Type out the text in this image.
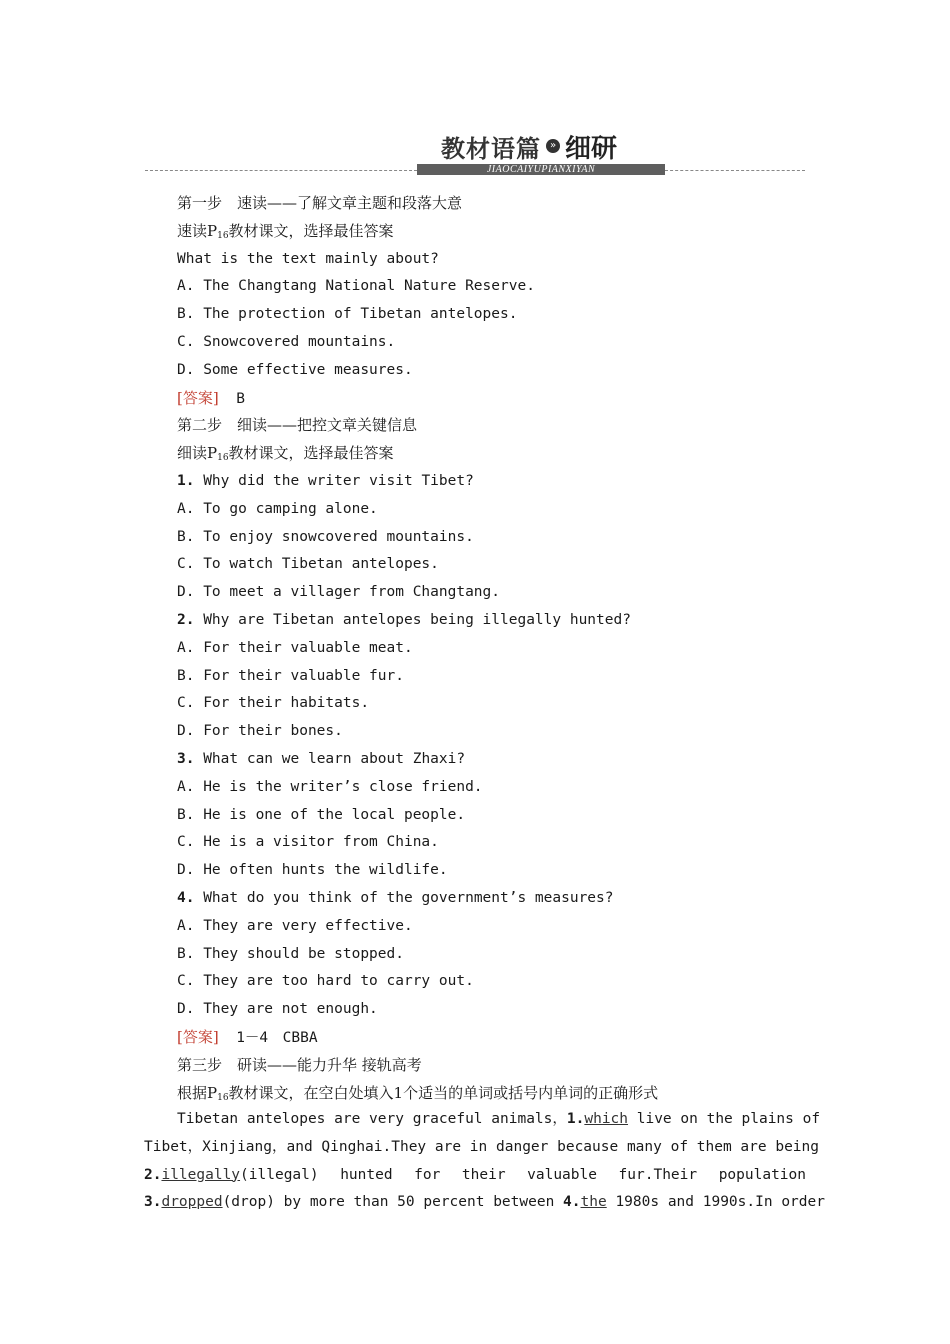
教材语篇 » 细研
JIAOCAIYUPIANXIYAN
第一步　速读——了解文章主题和段落大意
速读$P_{16}$教材课文，选择最佳答案
What is the text mainly about?
A. The Changtang National Nature Reserve.
B. The protection of Tibetan antelopes.
C. Snowcovered mountains.
D. Some effective measures.
[答案] B
第二步　细读——把控文章关键信息
细读$P_{16}$教材课文，选择最佳答案
1. Why did the writer visit Tibet?
A. To go camping alone.
B. To enjoy snowcovered mountains.
C. To watch Tibetan antelopes.
D. To meet a villager from Changtang.
2. Why are Tibetan antelopes being illegally hunted?
A. For their valuable meat.
B. For their valuable fur.
C. For their habitats.
D. For their bones.
3. What can we learn about Zhaxi?
A. He is the writer’s close friend.
B. He is one of the local people.
C. He is a visitor from China.
D. He often hunts the wildlife.
4. What do you think of the government’s measures?
A. They are very effective.
B. They should be stopped.
C. They are too hard to carry out.
D. They are not enough.
[答案] 1－4　CBBA
第三步　研读——能力升华 接轨高考
根据$P_{16}$教材课文，在空白处填入1个适当的单词或括号内单词的正确形式
Tibetan antelopes are very graceful animals，1.which live on the plains of
Tibet，Xinjiang，and Qinghai.They are in danger because many of them are being
2.illegally(illegal) hunted for their valuable fur.Their population
3.dropped(drop) by more than 50 percent between 4.the 1980s and 1990s.In order
